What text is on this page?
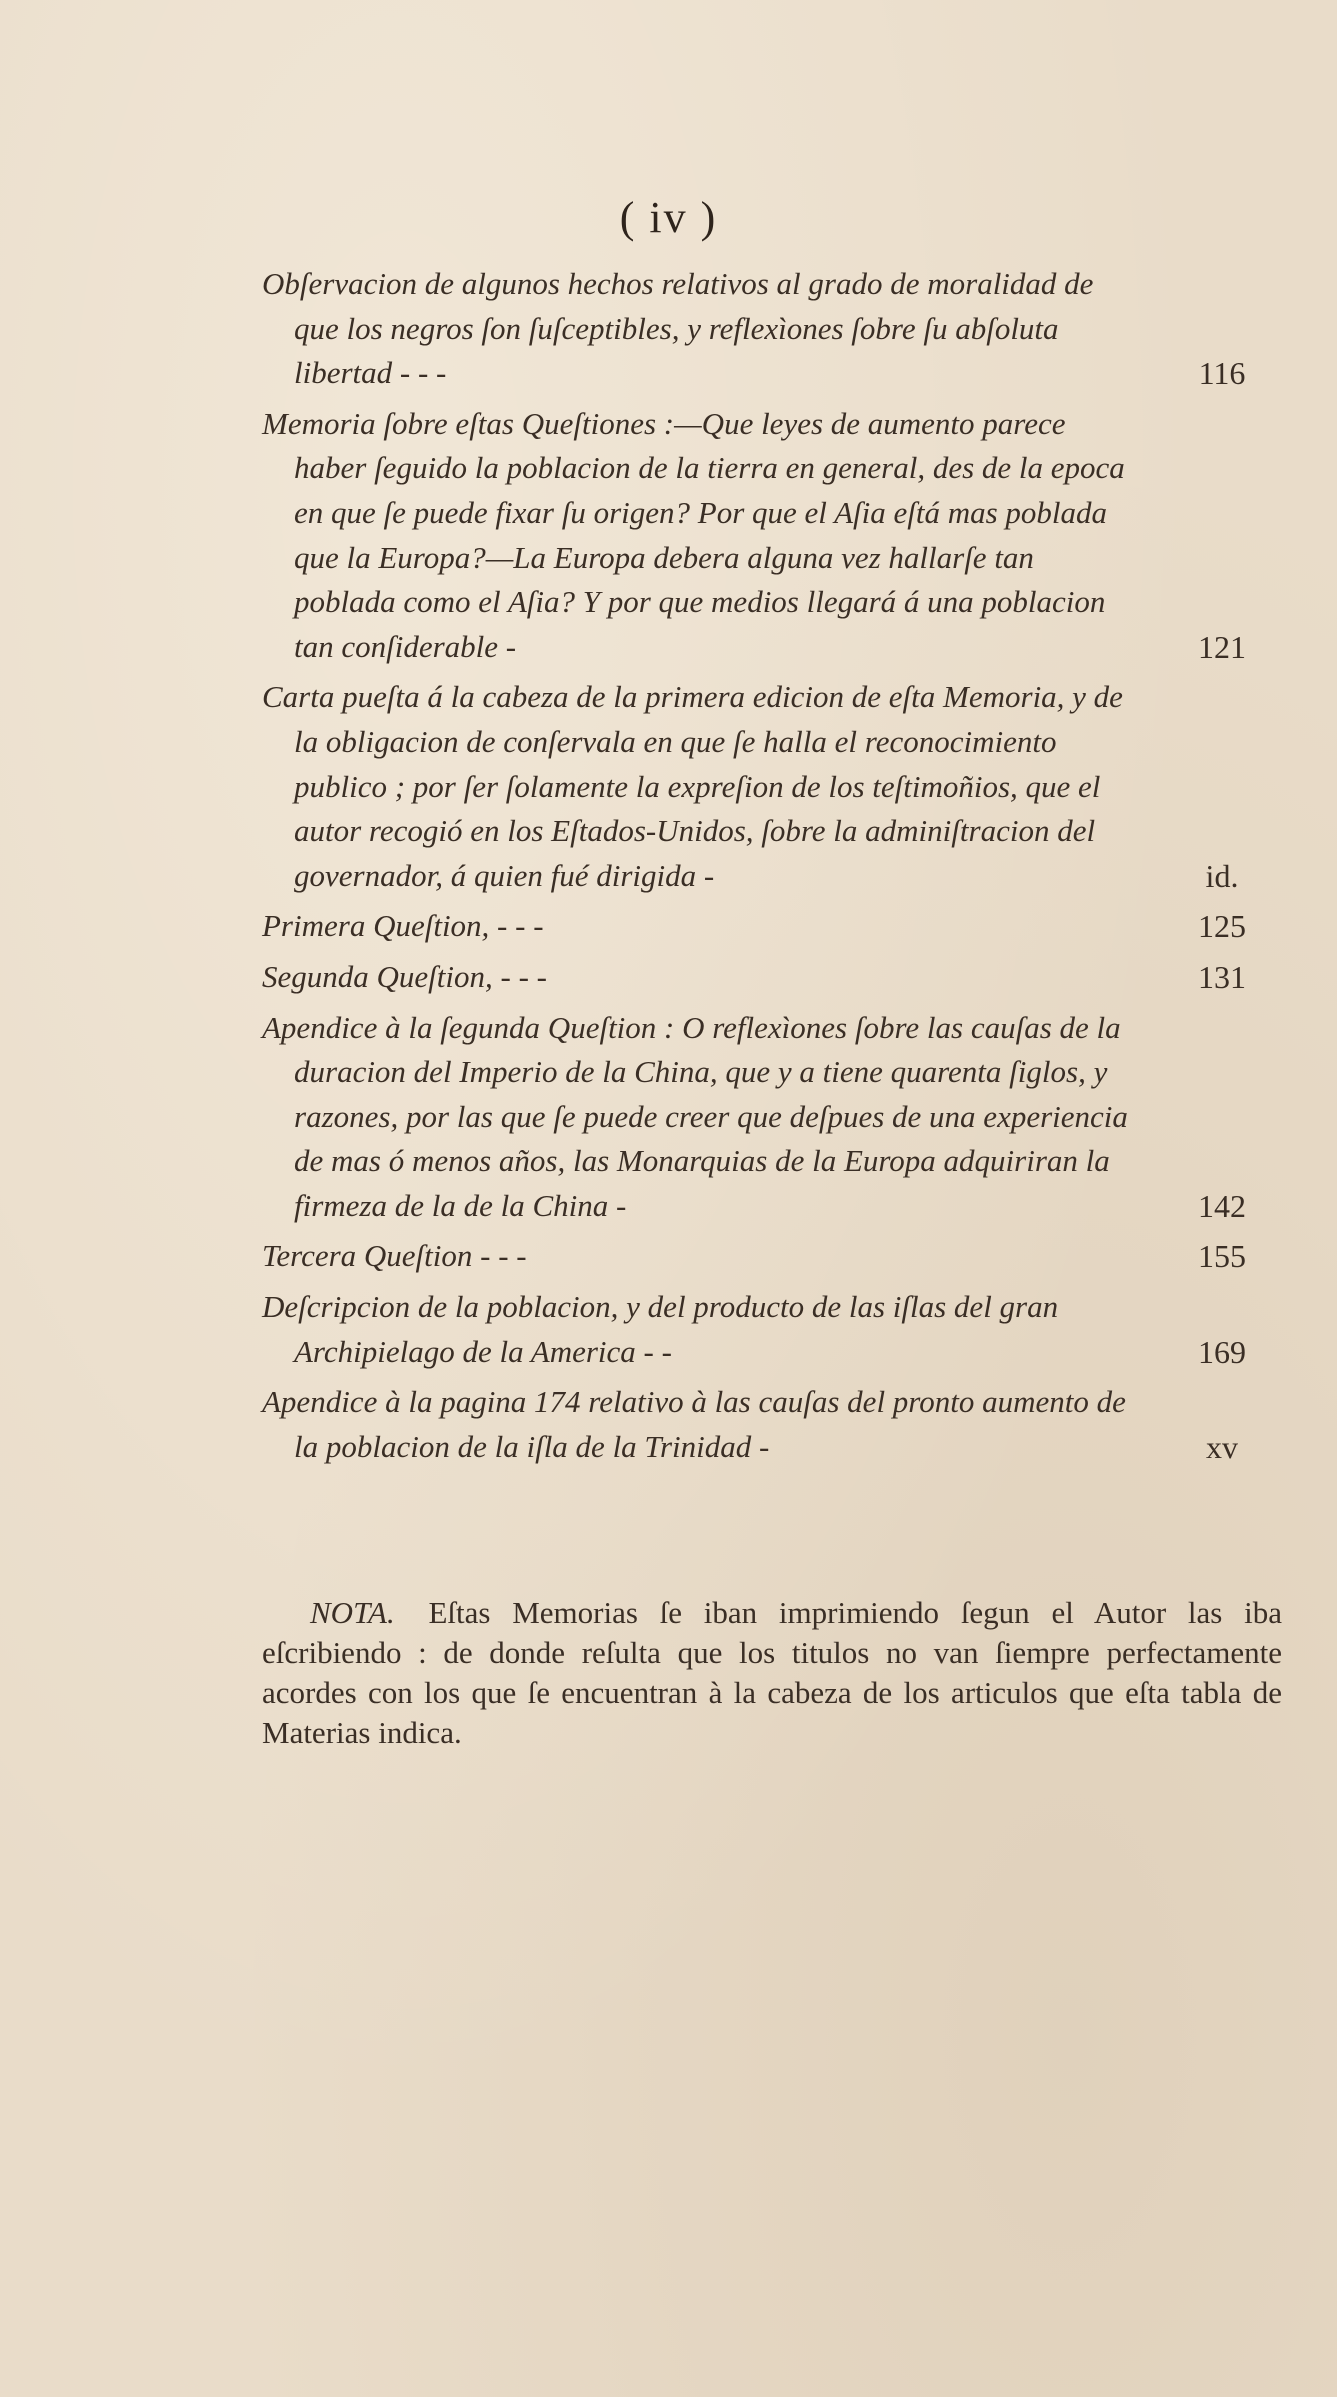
( iv )
Obſervacion de algunos hechos relativos al grado de moralidad de que los negros ſon ſuſceptibles, y reflexìones ſobre ſu abſoluta libertad - - -	116
Memoria ſobre eſtas Queſtiones :—Que leyes de aumento parece haber ſeguido la poblacion de la tierra en general, des de la epoca en que ſe puede fixar ſu origen? Por que el Aſia eſtá mas poblada que la Europa?—La Europa debera alguna vez hallarſe tan poblada como el Aſia? Y por que medios llegará á una poblacion tan conſiderable -	121
Carta pueſta á la cabeza de la primera edicion de eſta Memoria, y de la obligacion de conſervala en que ſe halla el reconocimiento publico ; por ſer ſolamente la expreſion de los teſtimoñios, que el autor recogió en los Eſtados-Unidos, ſobre la adminiſtracion del governador, á quien fué dirigida -	id.
Primera Queſtion, - - -	125
Segunda Queſtion, - - -	131
Apendice à la ſegunda Queſtion : O reflexìones ſobre las cauſas de la duracion del Imperio de la China, que y a tiene quarenta ſiglos, y razones, por las que ſe puede creer que deſpues de una experiencia de mas ó menos años, las Monarquias de la Europa adquiriran la firmeza de la de la China -	142
Tercera Queſtion - - -	155
Deſcripcion de la poblacion, y del producto de las iſlas del gran Archipielago de la America - -	169
Apendice à la pagina 174 relativo à las cauſas del pronto aumento de la poblacion de la iſla de la Trinidad -	xv
NOTA. Eſtas Memorias ſe iban imprimiendo ſegun el Autor las iba eſcribiendo : de donde reſulta que los titulos no van ſiempre perfectamente acordes con los que ſe encuentran à la cabeza de los articulos que eſta tabla de Materias indica.
